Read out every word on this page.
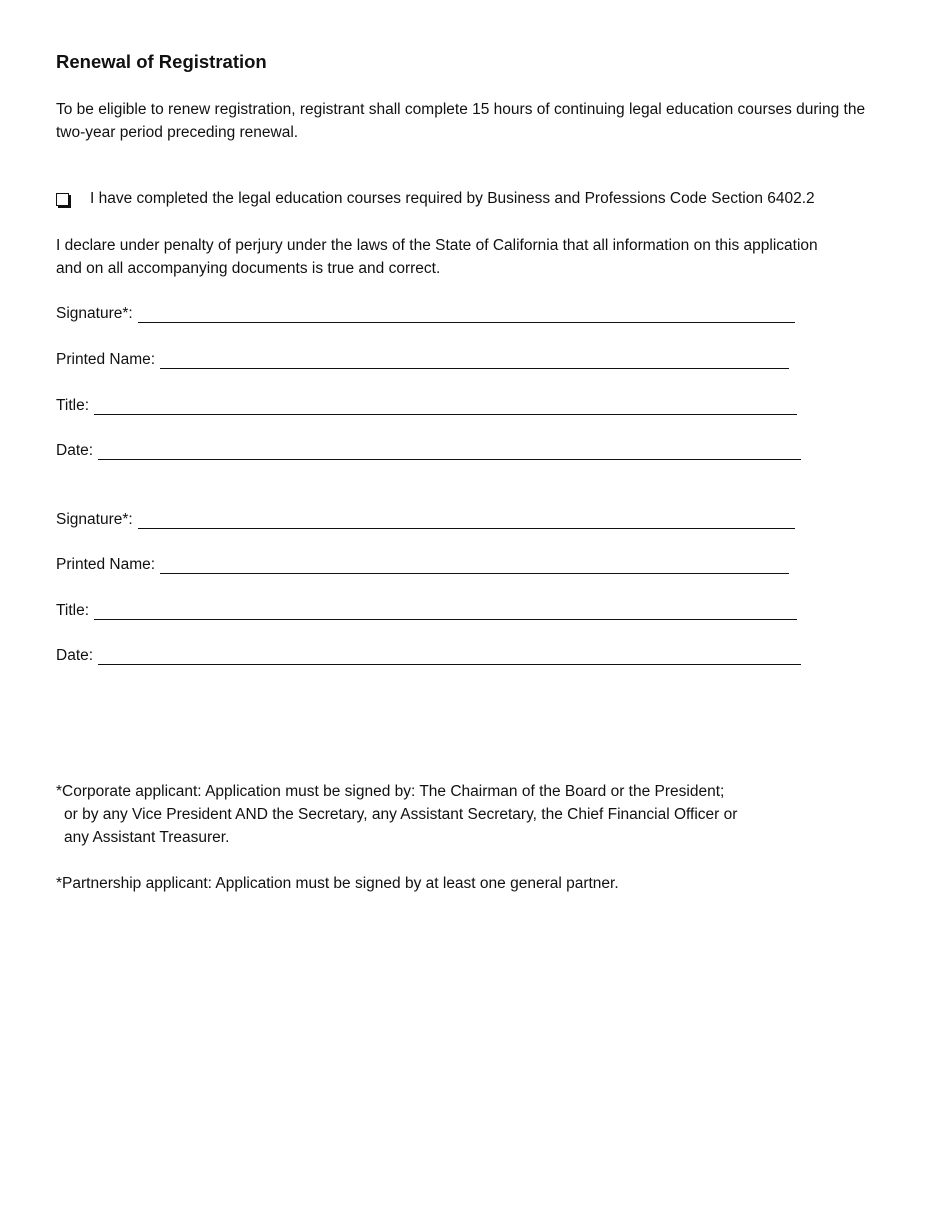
Renewal of Registration
To be eligible to renew registration, registrant shall complete 15 hours of continuing legal education courses during the two-year period preceding renewal.
I have completed the legal education courses required by Business and Professions Code Section 6402.2
I declare under penalty of perjury under the laws of the State of California that all information on this application and on all accompanying documents is true and correct.
Signature*:
Printed Name:
Title:
Date:
Signature*:
Printed Name:
Title:
Date:
*Corporate applicant: Application must be signed by: The Chairman of the Board or the President;
or by any Vice President AND the Secretary, any Assistant Secretary, the Chief Financial Officer or
any Assistant Treasurer.
*Partnership applicant: Application must be signed by at least one general partner.
